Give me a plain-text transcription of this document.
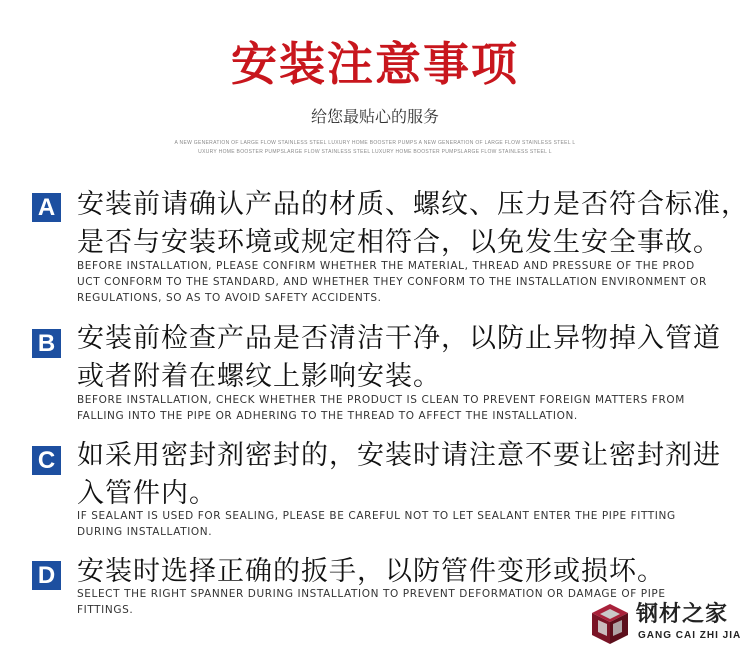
安装注意事项
给您最贴心的服务
A NEW GENERATION OF LARGE FLOW STAINLESS STEEL LUXURY HOME BOOSTER PUMPS A NEW GENERATION OF LARGE FLOW STAINLESS STEEL L
UXURY HOME BOOSTER PUMPSLARGE FLOW STAINLESS STEEL LUXURY HOME BOOSTER PUMPSLARGE FLOW STAINLESS STEEL L
A 安装前请确认产品的材质、螺纹、压力是否符合标准，
是否与安装环境或规定相符合，以免发生安全事故。
BEFORE INSTALLATION, PLEASE CONFIRM WHETHER THE MATERIAL, THREAD AND PRESSURE OF THE PROD
UCT CONFORM TO THE STANDARD, AND WHETHER THEY CONFORM TO THE INSTALLATION ENVIRONMENT OR
REGULATIONS, SO AS TO AVOID SAFETY ACCIDENTS.
B 安装前检查产品是否清洁干净，以防止异物掉入管道
或者附着在螺纹上影响安装。
BEFORE INSTALLATION, CHECK WHETHER THE PRODUCT IS CLEAN TO PREVENT FOREIGN MATTERS FROM
FALLING INTO THE PIPE OR ADHERING TO THE THREAD TO AFFECT THE INSTALLATION.
C 如采用密封剂密封的，安装时请注意不要让密封剂进
入管件内。
IF SEALANT IS USED FOR SEALING, PLEASE BE CAREFUL NOT TO LET SEALANT ENTER THE PIPE FITTING
DURING INSTALLATION.
D 安装时选择正确的扳手，以防管件变形或损坏。
SELECT THE RIGHT SPANNER DURING INSTALLATION TO PREVENT DEFORMATION OR DAMAGE OF PIPE
FITTINGS.	钢材之家
GANG CAI ZHI JIA
